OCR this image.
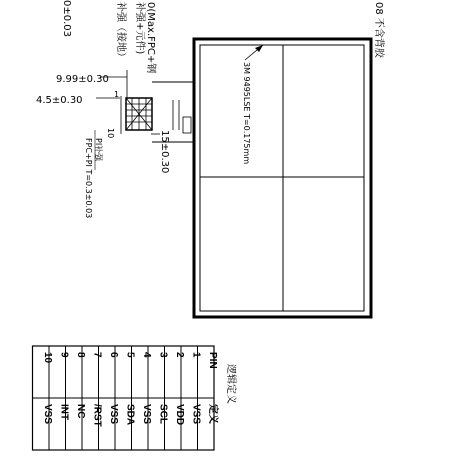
0(Max.FPC+钢
补强+元件)
补强（接地）
0±0.03	08 不含背胶
3M 9495LSE T=0.175mm
1
10
9.99±0.30
4.5±0.30
15±0.30
PI补强
FPC+PI T=0.3±0.03
逻辑定义
PIN
定义
1
VSS
2
VDD
3
SCL
4
VSS
5
SDA
6
VSS
7
/RST
8
NC
9
INT
10
VSS
